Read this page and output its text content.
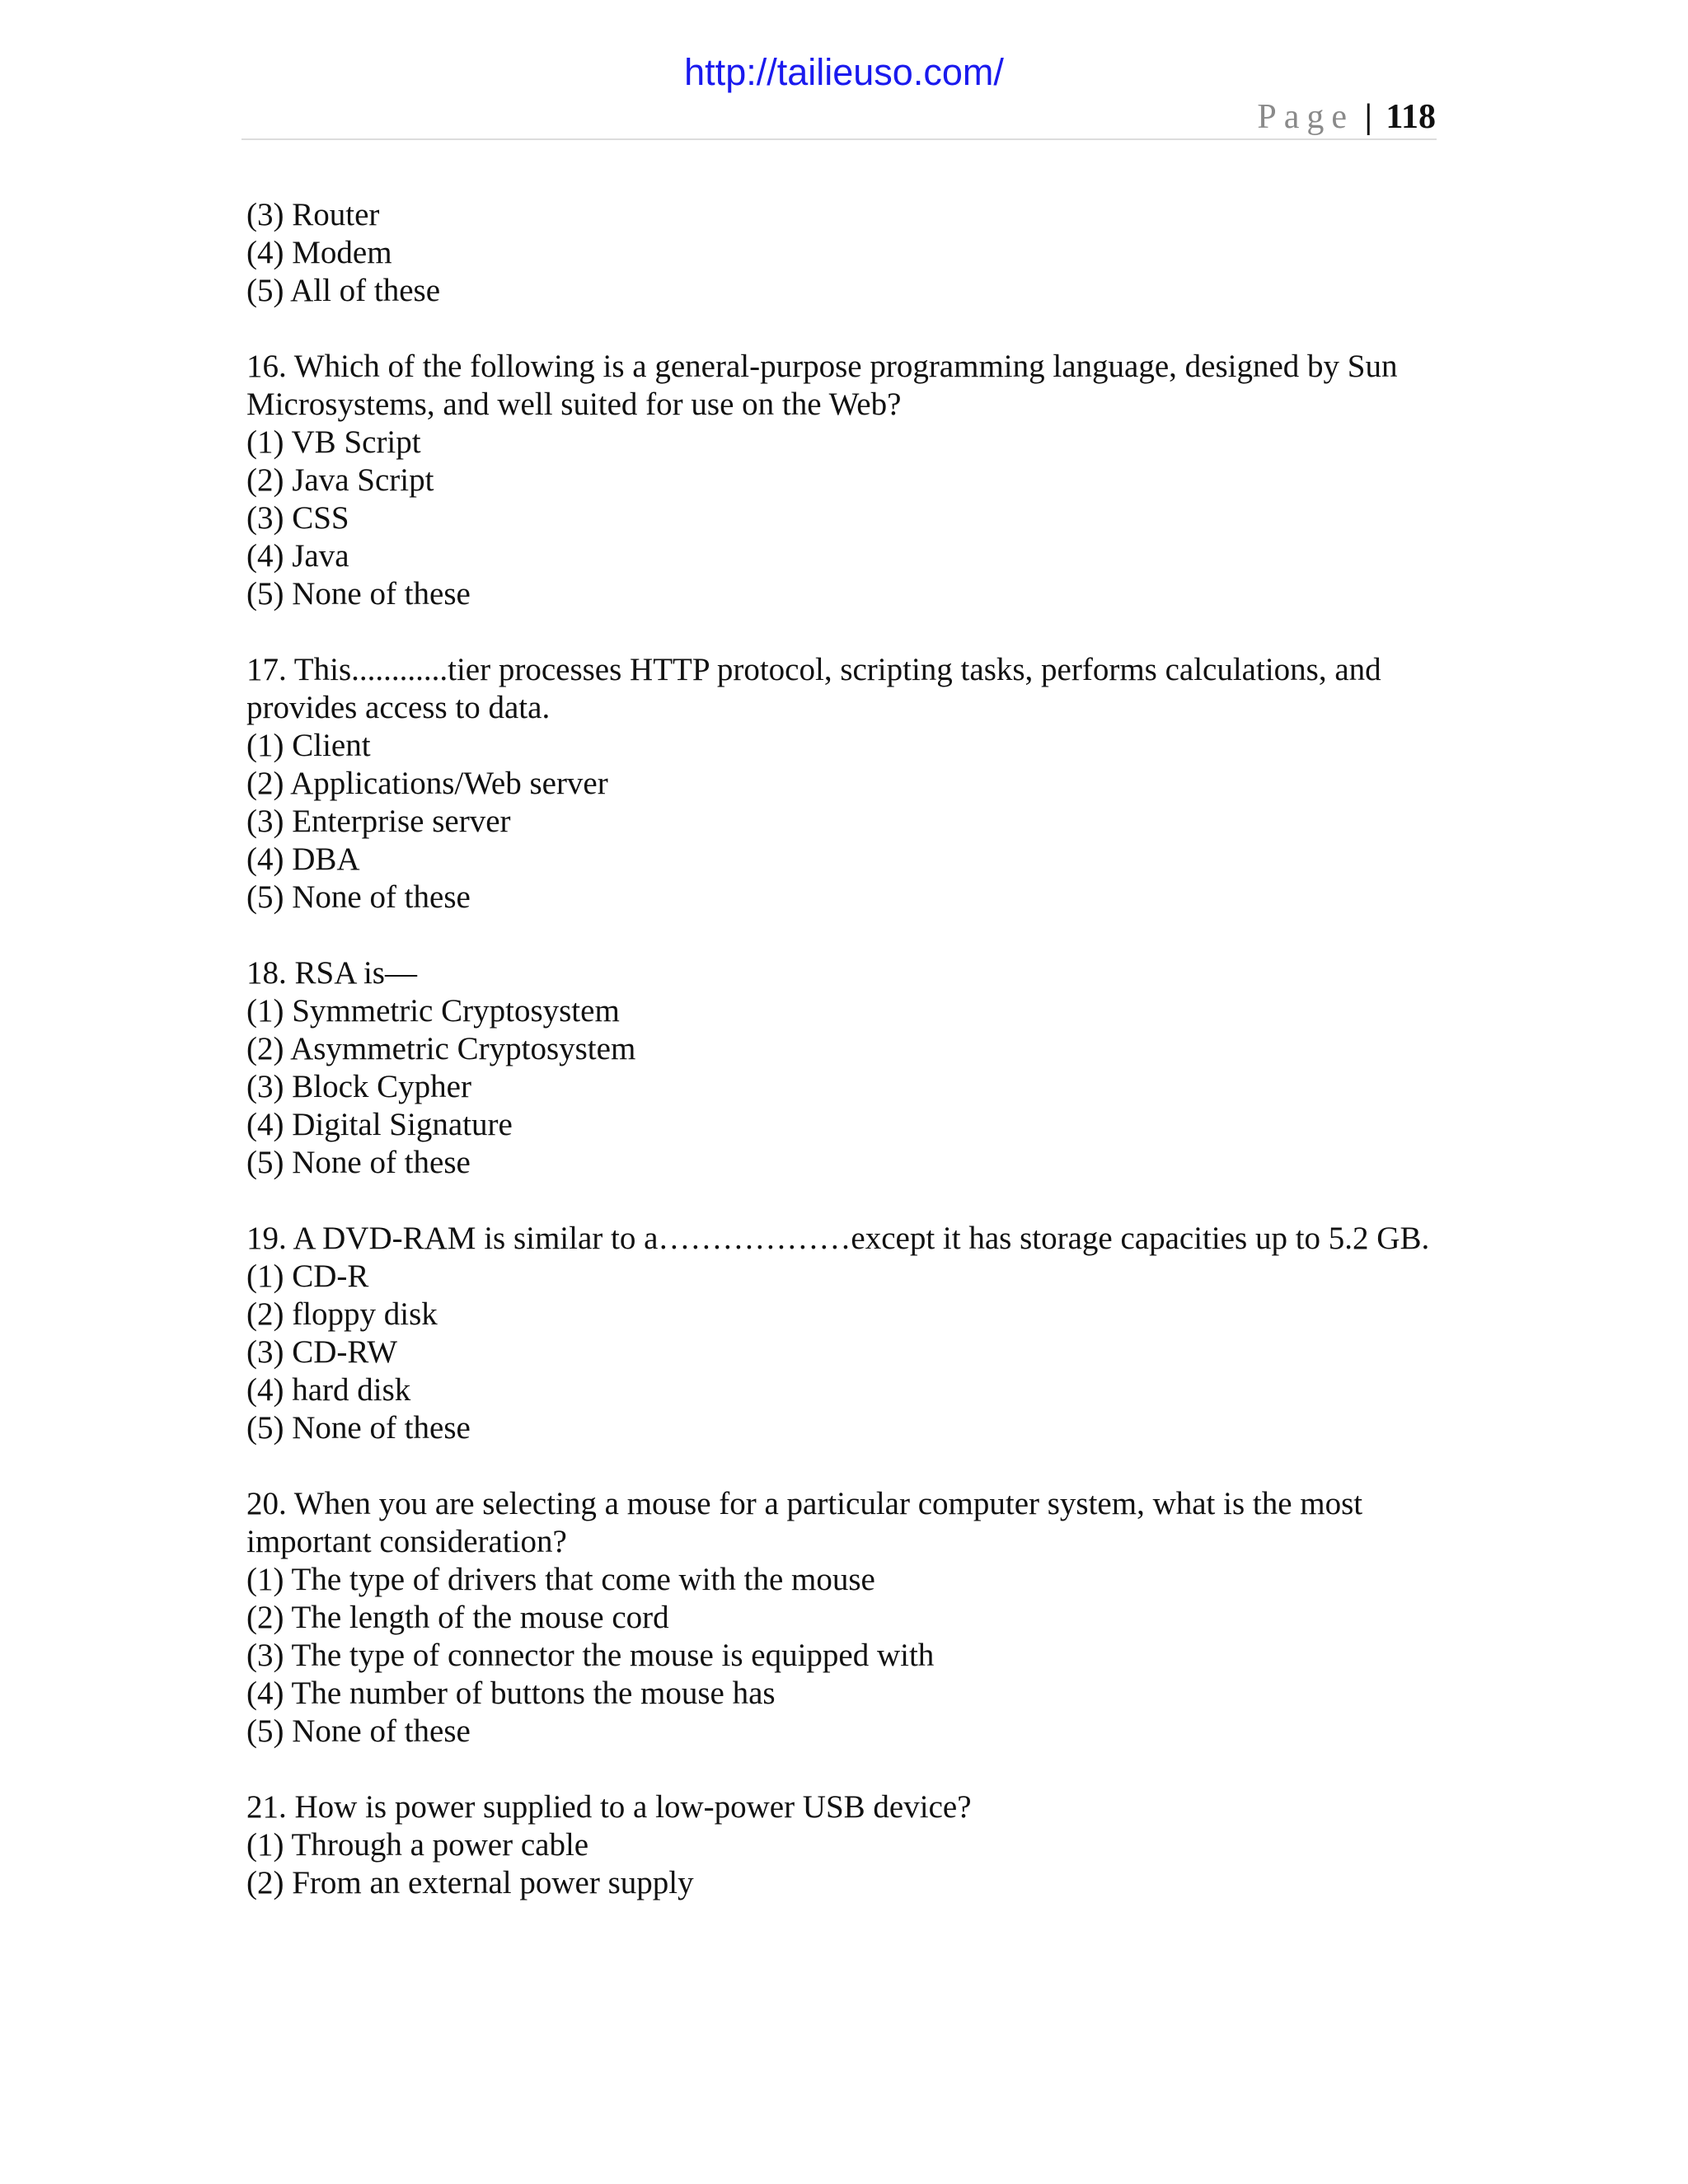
http://tailieuso.com/
Page | 118
(3) Router
(4) Modem
(5) All of these
16. Which of the following is a general-purpose programming language, designed by Sun Microsystems, and well suited for use on the Web?
(1) VB Script
(2) Java Script
(3) CSS
(4) Java
(5) None of these
17. This............tier processes HTTP protocol, scripting tasks, performs calculations, and provides access to data.
(1) Client
(2) Applications/Web server
(3) Enterprise server
(4) DBA
(5) None of these
18. RSA is—
(1) Symmetric Cryptosystem
(2) Asymmetric Cryptosystem
(3) Block Cypher
(4) Digital Signature
(5) None of these
19. A DVD-RAM is similar to a………………except it has storage capacities up to 5.2 GB.
(1) CD-R
(2) floppy disk
(3) CD-RW
(4) hard disk
(5) None of these
20. When you are selecting a mouse for a particular computer system, what is the most important consideration?
(1) The type of drivers that come with the mouse
(2) The length of the mouse cord
(3) The type of connector the mouse is equipped with
(4) The number of buttons the mouse has
(5) None of these
21. How is power supplied to a low-power USB device?
(1) Through a power cable
(2) From an external power supply
